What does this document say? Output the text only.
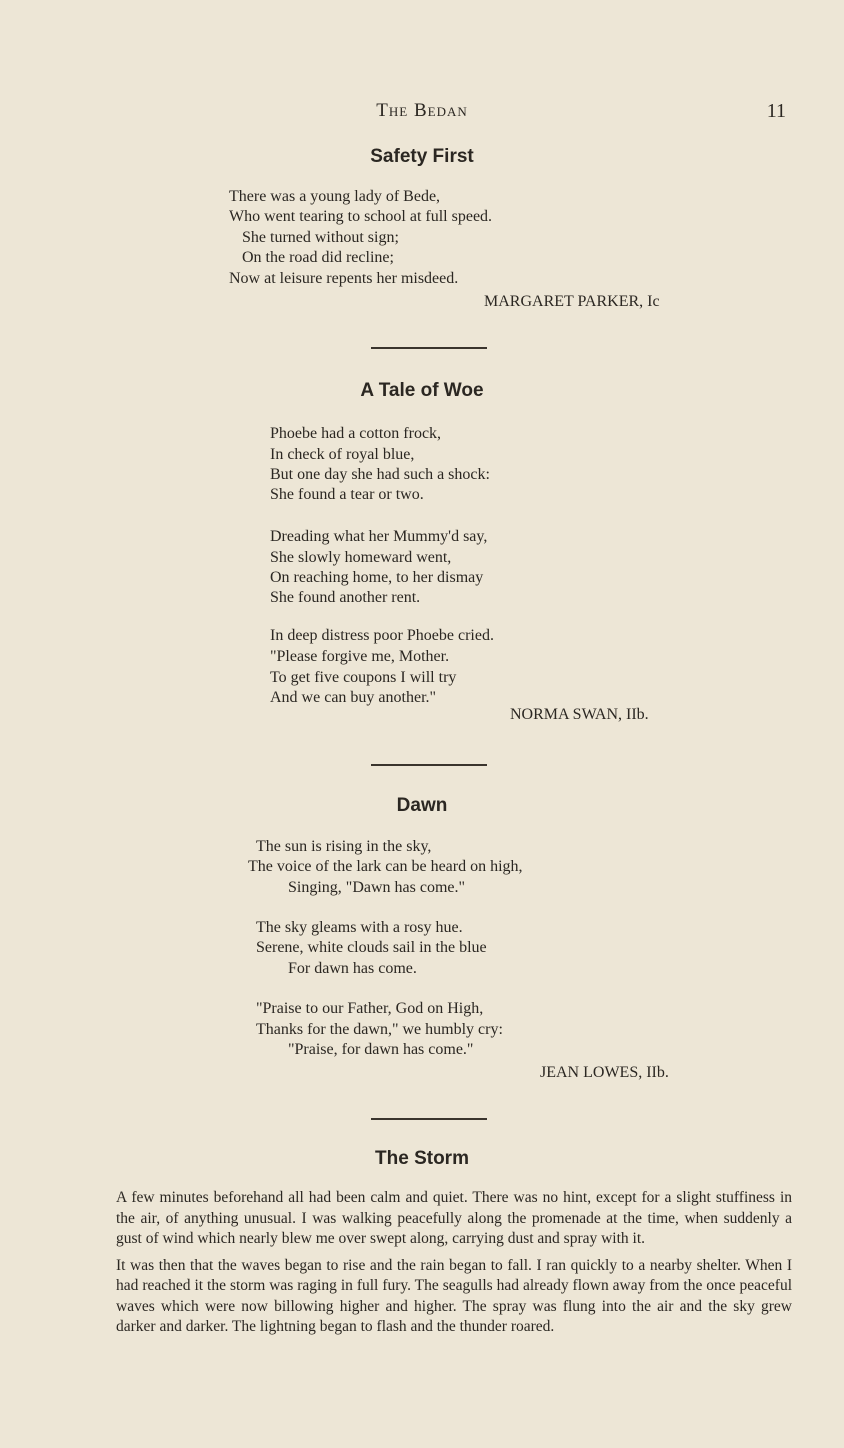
The Bedan	11
Safety First
There was a young lady of Bede,
Who went tearing to school at full speed.
She turned without sign;
On the road did recline;
Now at leisure repents her misdeed.
MARGARET PARKER, Ic
A Tale of Woe
Phoebe had a cotton frock,
In check of royal blue,
But one day she had such a shock:
She found a tear or two.
Dreading what her Mummy'd say,
She slowly homeward went,
On reaching home, to her dismay
She found another rent.
In deep distress poor Phoebe cried.
"Please forgive me, Mother.
To get five coupons I will try
And we can buy another."
NORMA SWAN, IIb.
Dawn
The sun is rising in the sky,
The voice of the lark can be heard on high,
Singing, "Dawn has come."
The sky gleams with a rosy hue.
Serene, white clouds sail in the blue
For dawn has come.
"Praise to our Father, God on High,
Thanks for the dawn," we humbly cry:
"Praise, for dawn has come."
JEAN LOWES, IIb.
The Storm

A few minutes beforehand all had been calm and quiet. There was no hint, except for a slight stuffiness in the air, of anything unusual. I was walking peacefully along the promenade at the time, when suddenly a gust of wind which nearly blew me over swept along, carrying dust and spray with it.

It was then that the waves began to rise and the rain began to fall. I ran quickly to a nearby shelter. When I had reached it the storm was raging in full fury. The seagulls had already flown away from the once peaceful waves which were now billowing higher and higher. The spray was flung into the air and the sky grew darker and darker. The lightning began to flash and the thunder roared.
